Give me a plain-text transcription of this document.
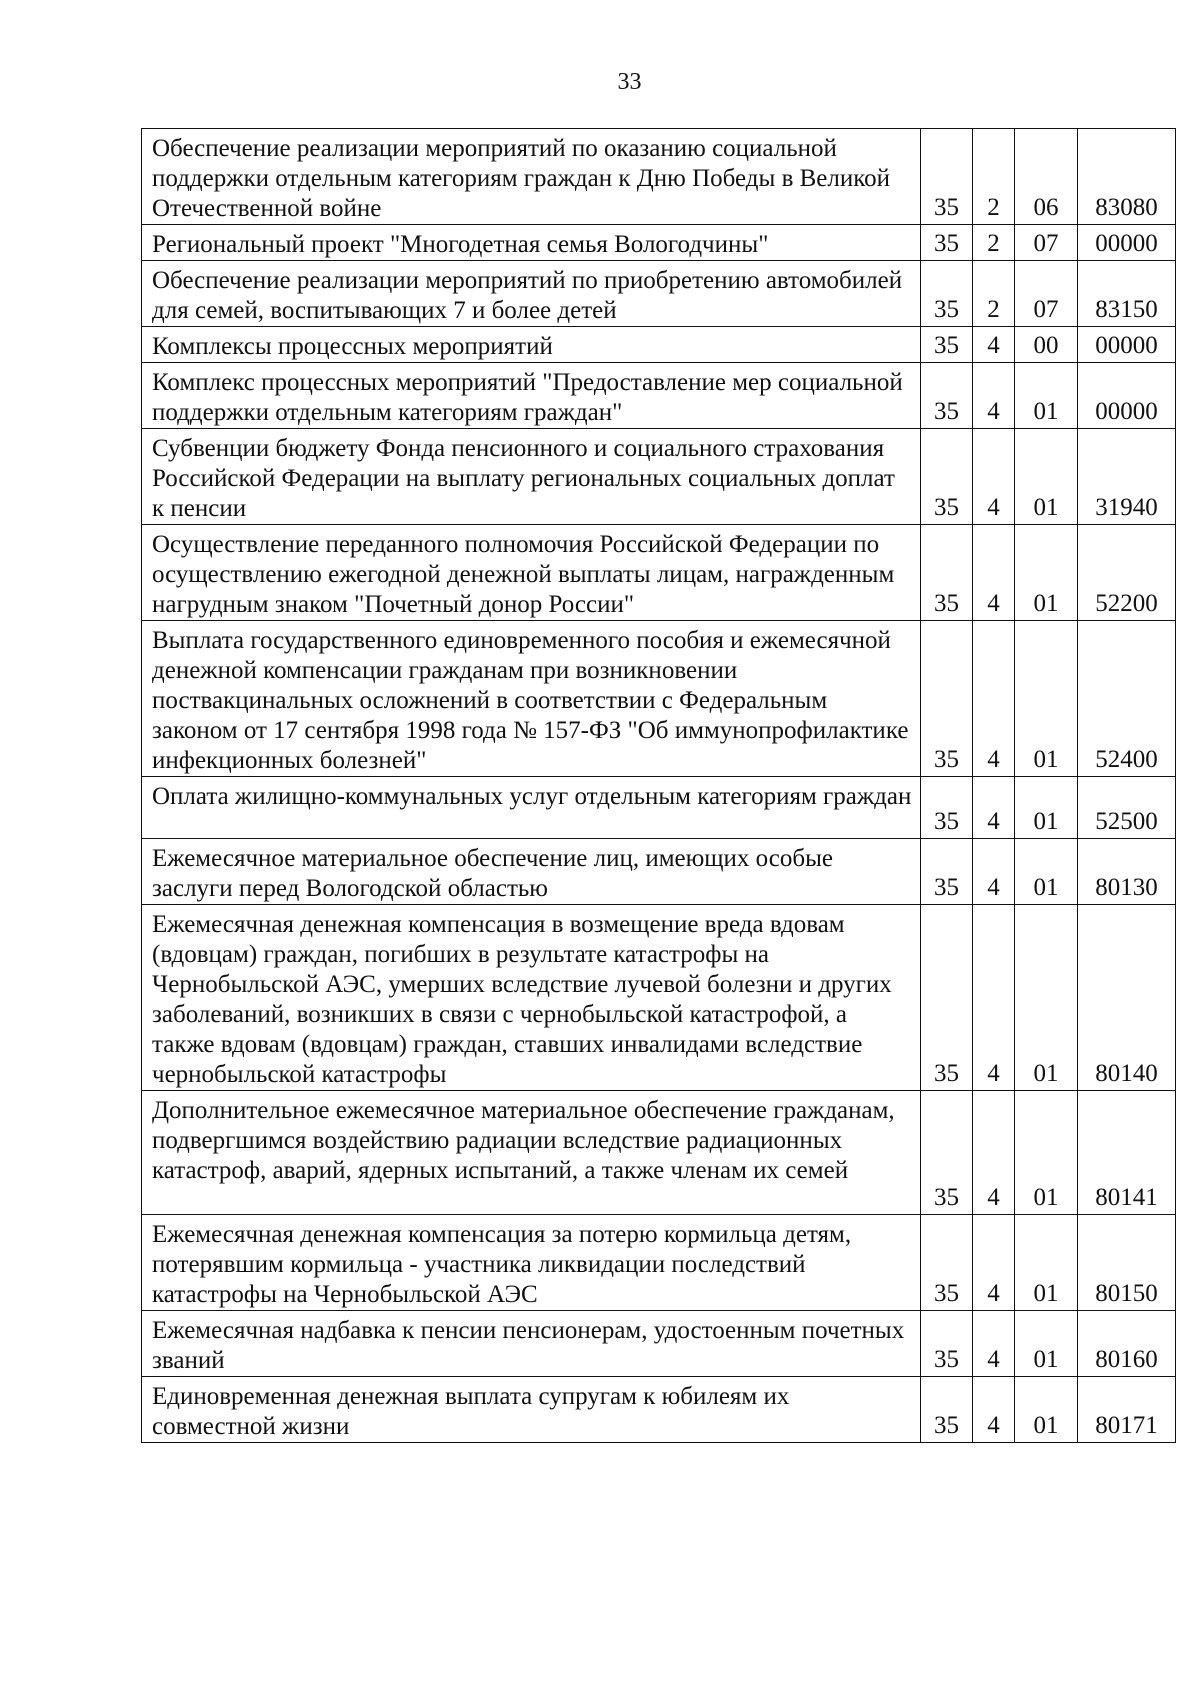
33
Обеспечение реализации мероприятий по оказанию социальной поддержки отдельным категориям граждан к Дню Победы в Великой Отечественной войне	35	2	06	83080
Региональный проект "Многодетная семья Вологодчины"	35	2	07	00000
Обеспечение реализации мероприятий по приобретению автомобилей для семей, воспитывающих 7 и более детей	35	2	07	83150
Комплексы процессных мероприятий	35	4	00	00000
Комплекс процессных мероприятий "Предоставление мер социальной поддержки отдельным категориям граждан"	35	4	01	00000
Субвенции бюджету Фонда пенсионного и социального страхования Российской Федерации на выплату региональных социальных доплат к пенсии	35	4	01	31940
Осуществление переданного полномочия Российской Федерации по осуществлению ежегодной денежной выплаты лицам, награжденным нагрудным знаком "Почетный донор России"	35	4	01	52200
Выплата государственного единовременного пособия и ежемесячной денежной компенсации гражданам при возникновении поствакцинальных осложнений в соответствии с Федеральным законом от 17 сентября 1998 года № 157-ФЗ "Об иммунопрофилактике инфекционных болезней"	35	4	01	52400
Оплата жилищно-коммунальных услуг отдельным категориям граждан	35	4	01	52500
Ежемесячное материальное обеспечение лиц, имеющих особые заслуги перед Вологодской областью	35	4	01	80130
Ежемесячная денежная компенсация в возмещение вреда вдовам (вдовцам) граждан, погибших в результате катастрофы на Чернобыльской АЭС, умерших вследствие лучевой болезни и других заболеваний, возникших в связи с чернобыльской катастрофой, а также вдовам (вдовцам) граждан, ставших инвалидами вследствие чернобыльской катастрофы	35	4	01	80140
Дополнительное ежемесячное материальное обеспечение гражданам, подвергшимся воздействию радиации вследствие радиационных катастроф, аварий, ядерных испытаний, а также членам их семей	35	4	01	80141
Ежемесячная денежная компенсация за потерю кормильца детям, потерявшим кормильца - участника ликвидации последствий катастрофы на Чернобыльской АЭС	35	4	01	80150
Ежемесячная надбавка к пенсии пенсионерам, удостоенным почетных званий	35	4	01	80160
Единовременная денежная выплата супругам к юбилеям их совместной жизни	35	4	01	80171
